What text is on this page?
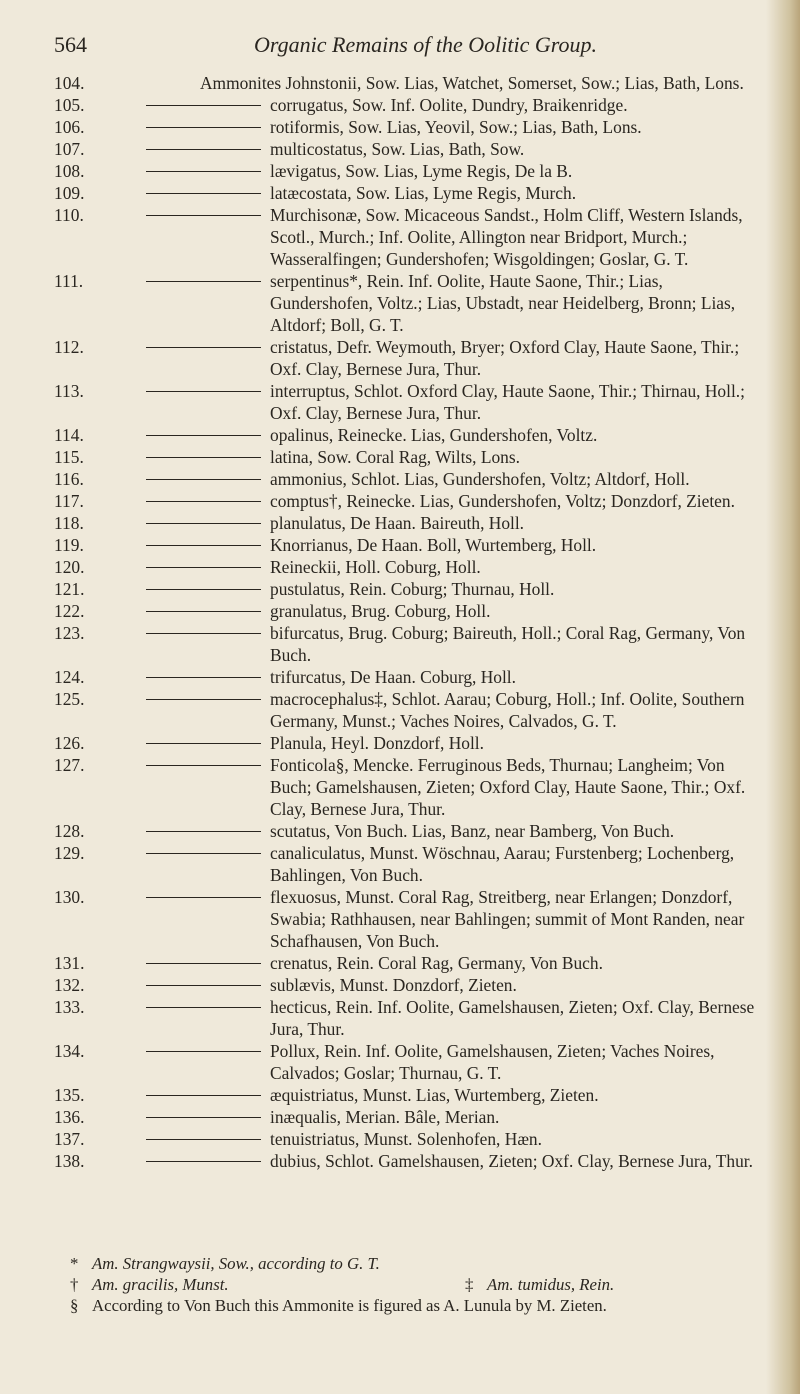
564	Organic Remains of the Oolitic Group.
104.	Ammonites Johnstonii, Sow. Lias, Watchet, Somerset, Sow.; Lias, Bath, Lons.
105.	corrugatus, Sow. Inf. Oolite, Dundry, Braikenridge.
106.	rotiformis, Sow. Lias, Yeovil, Sow.; Lias, Bath, Lons.
107.	multicostatus, Sow. Lias, Bath, Sow.
108.	lævigatus, Sow. Lias, Lyme Regis, De la B.
109.	latæcostata, Sow. Lias, Lyme Regis, Murch.
110.	Murchisonæ, Sow. Micaceous Sandst., Holm Cliff, Western Islands, Scotl., Murch.; Inf. Oolite, Allington near Bridport, Murch.; Wasseralfingen; Gundershofen; Wisgoldingen; Goslar, G. T.
111.	serpentinus*, Rein. Inf. Oolite, Haute Saone, Thir.; Lias, Gundershofen, Voltz.; Lias, Ubstadt, near Heidelberg, Bronn; Lias, Altdorf; Boll, G. T.
112.	cristatus, Defr. Weymouth, Bryer; Oxford Clay, Haute Saone, Thir.; Oxf. Clay, Bernese Jura, Thur.
113.	interruptus, Schlot. Oxford Clay, Haute Saone, Thir.; Thirnau, Holl.; Oxf. Clay, Bernese Jura, Thur.
114.	opalinus, Reinecke. Lias, Gundershofen, Voltz.
115.	latina, Sow. Coral Rag, Wilts, Lons.
116.	ammonius, Schlot. Lias, Gundershofen, Voltz; Altdorf, Holl.
117.	comptus†, Reinecke. Lias, Gundershofen, Voltz; Donzdorf, Zieten.
118.	planulatus, De Haan. Baireuth, Holl.
119.	Knorrianus, De Haan. Boll, Wurtemberg, Holl.
120.	Reineckii, Holl. Coburg, Holl.
121.	pustulatus, Rein. Coburg; Thurnau, Holl.
122.	granulatus, Brug. Coburg, Holl.
123.	bifurcatus, Brug. Coburg; Baireuth, Holl.; Coral Rag, Germany, Von Buch.
124.	trifurcatus, De Haan. Coburg, Holl.
125.	macrocephalus‡, Schlot. Aarau; Coburg, Holl.; Inf. Oolite, Southern Germany, Munst.; Vaches Noires, Calvados, G. T.
126.	Planula, Heyl. Donzdorf, Holl.
127.	Fonticola§, Mencke. Ferruginous Beds, Thurnau; Langheim; Von Buch; Gamelshausen, Zieten; Oxford Clay, Haute Saone, Thir.; Oxf. Clay, Bernese Jura, Thur.
128.	scutatus, Von Buch. Lias, Banz, near Bamberg, Von Buch.
129.	canaliculatus, Munst. Wöschnau, Aarau; Furstenberg; Lochenberg, Bahlingen, Von Buch.
130.	flexuosus, Munst. Coral Rag, Streitberg, near Erlangen; Donzdorf, Swabia; Rathhausen, near Bahlingen; summit of Mont Randen, near Schafhausen, Von Buch.
131.	crenatus, Rein. Coral Rag, Germany, Von Buch.
132.	sublævis, Munst. Donzdorf, Zieten.
133.	hecticus, Rein. Inf. Oolite, Gamelshausen, Zieten; Oxf. Clay, Bernese Jura, Thur.
134.	Pollux, Rein. Inf. Oolite, Gamelshausen, Zieten; Vaches Noires, Calvados; Goslar; Thurnau, G. T.
135.	æquistriatus, Munst. Lias, Wurtemberg, Zieten.
136.	inæqualis, Merian. Bâle, Merian.
137.	tenuistriatus, Munst. Solenhofen, Hæn.
138.	dubius, Schlot. Gamelshausen, Zieten; Oxf. Clay, Bernese Jura, Thur.
* Am. Strangwaysii, Sow., according to G. T.
† Am. gracilis, Munst.	‡ Am. tumidus, Rein.
§ According to Von Buch this Ammonite is figured as A. Lunula by M. Zieten.
